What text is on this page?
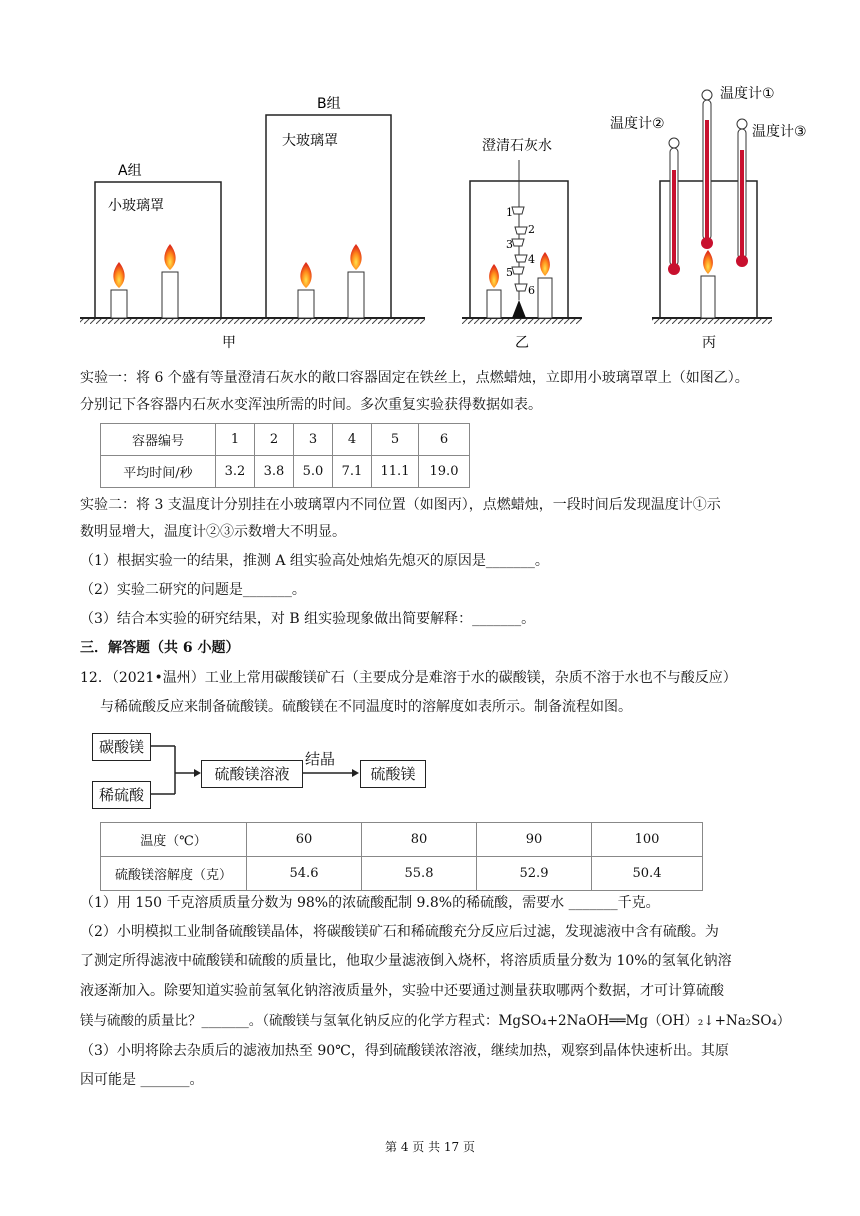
A组
小玻璃罩
B组
大玻璃罩
甲
澄清石灰水
1
2
3
4
5
6
乙
温度计①
温度计②	温度计③
丙
实验一：将 6 个盛有等量澄清石灰水的敞口容器固定在铁丝上，点燃蜡烛，立即用小玻璃罩罩上（如图乙）。
分别记下各容器内石灰水变浑浊所需的时间。多次重复实验获得数据如表。
容器编号	1	2	3	4	5	6
平均时间/秒	3.2	3.8	5.0	7.1	11.1	19.0
实验二：将 3 支温度计分别挂在小玻璃罩内不同位置（如图丙），点燃蜡烛，一段时间后发现温度计①示
数明显增大，温度计②③示数增大不明显。
（1）根据实验一的结果，推测 A 组实验高处烛焰先熄灭的原因是_______。
（2）实验二研究的问题是_______。
（3）结合本实验的研究结果，对 B 组实验现象做出简要解释：_______。
三．解答题（共 6 小题）
12．（2021•温州）工业上常用碳酸镁矿石（主要成分是难溶于水的碳酸镁，杂质不溶于水也不与酸反应）
与稀硫酸反应来制备硫酸镁。硫酸镁在不同温度时的溶解度如表所示。制备流程如图。
碳酸镁
稀硫酸
硫酸镁溶液
结晶
硫酸镁
温度（℃）	60	80	90	100
硫酸镁溶解度（克）	54.6	55.8	52.9	50.4
（1）用 150 千克溶质质量分数为 98%的浓硫酸配制 9.8%的稀硫酸，需要水 _______千克。
（2）小明模拟工业制备硫酸镁晶体，将碳酸镁矿石和稀硫酸充分反应后过滤，发现滤液中含有硫酸。为
了测定所得滤液中硫酸镁和硫酸的质量比，他取少量滤液倒入烧杯，将溶质质量分数为 10%的氢氧化钠溶
液逐渐加入。除要知道实验前氢氧化钠溶液质量外，实验中还要通过测量获取哪两个数据，才可计算硫酸
镁与硫酸的质量比？_______。（硫酸镁与氢氧化钠反应的化学方程式：MgSO₄+2NaOH══Mg（OH）₂↓+Na₂SO₄）
（3）小明将除去杂质后的滤液加热至 90℃，得到硫酸镁浓溶液，继续加热，观察到晶体快速析出。其原
因可能是 _______。
第 4 页 共 17 页
